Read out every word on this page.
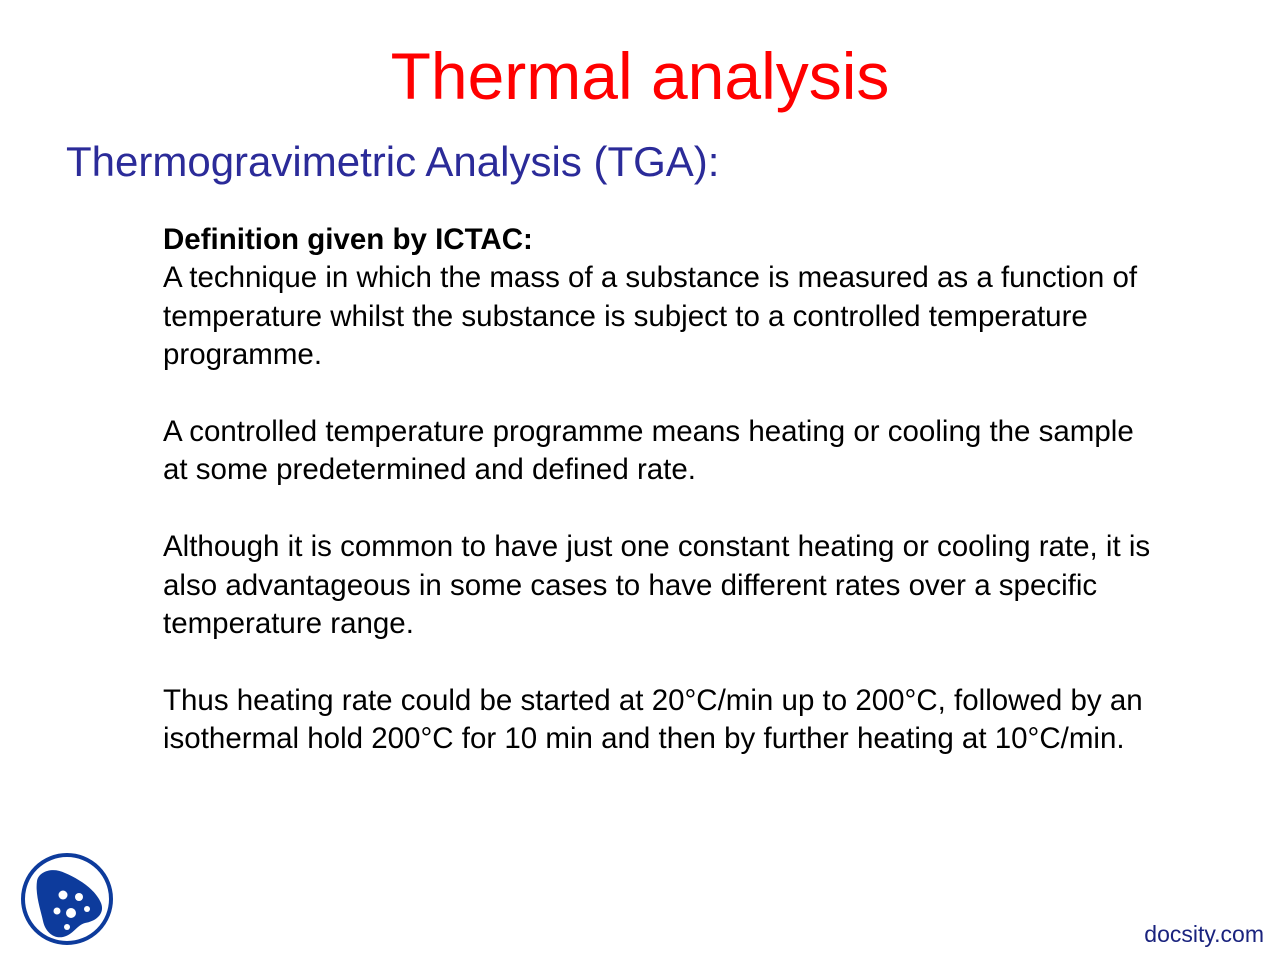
Thermal analysis
Thermogravimetric Analysis (TGA):

Definition given by ICTAC:

A technique in which the mass of a substance is measured as a function of temperature whilst the substance is subject to a controlled temperature programme.

A controlled temperature programme means heating or cooling the sample at some predetermined and defined rate.

Although it is common to have just one constant heating or cooling rate, it is also advantageous in some cases to have different rates over a specific temperature range.

Thus heating rate could be started at 20°C/min up to 200°C, followed by an isothermal hold 200°C for 10 min and then by further heating at 10°C/min.

docsity.com
